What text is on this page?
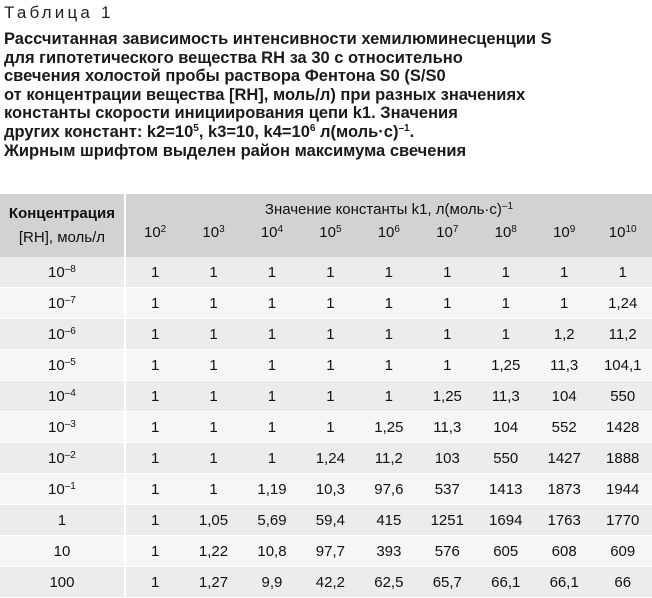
Таблица 1
Рассчитанная зависимость интенсивности хемилюминесценции S
для гипотетического вещества RH за 30 с относительно
свечения холостой пробы раствора Фентона S0 (S/S0
от концентрации вещества [RH], моль/л) при разных значениях
константы скорости инициирования цепи k1. Значения
других констант: $k2=10^5$, k3=10, $k4=10^6$ л(моль·с)$^{-1}$.
Жирным шрифтом выделен район максимума свечения
Концентрация
[RH], моль/л	Значение константы k1, л(моль·с)$^{-1}$
	$10^2$	$10^3$	$10^4$	$10^5$	$10^6$	$10^7$	$10^8$	$10^9$	$10^{10}$
$10^{-8}$	1	1	1	1	1	1	1	1	1
$10^{-7}$	1	1	1	1	1	1	1	1	1,24
$10^{-6}$	1	1	1	1	1	1	1	1,2	11,2
$10^{-5}$	1	1	1	1	1	1	1,25	11,3	104,1
$10^{-4}$	1	1	1	1	1	1,25	11,3	104	550
$10^{-3}$	1	1	1	1	1,25	11,3	104	552	1428
$10^{-2}$	1	1	1	1,24	11,2	103	550	1427	1888
$10^{-1}$	1	1	1,19	10,3	97,6	537	1413	1873	1944
1	1	1,05	5,69	59,4	415	1251	1694	1763	1770
10	1	1,22	10,8	97,7	393	576	605	608	609
100	1	1,27	9,9	42,2	62,5	65,7	66,1	66,1	66
